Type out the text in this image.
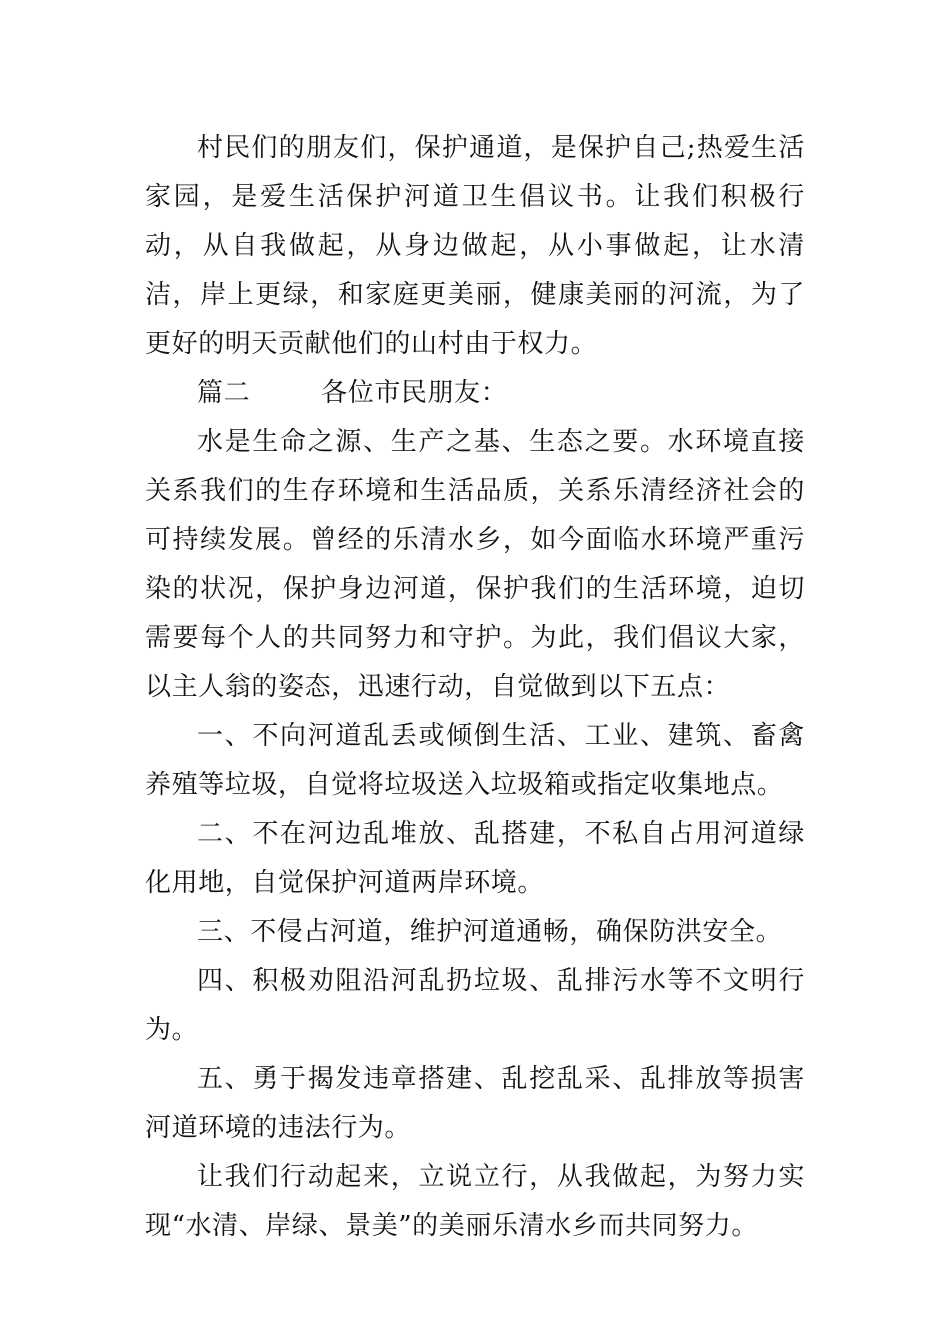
村民们的朋友们，保护通道，是保护自己;热爱生活家园，是爱生活保护河道卫生倡议书。让我们积极行动，从自我做起，从身边做起，从小事做起，让水清洁，岸上更绿，和家庭更美丽，健康美丽的河流，为了更好的明天贡献他们的山村由于权力。

篇二	各位市民朋友：

水是生命之源、生产之基、生态之要。水环境直接关系我们的生存环境和生活品质，关系乐清经济社会的可持续发展。曾经的乐清水乡，如今面临水环境严重污染的状况，保护身边河道，保护我们的生活环境，迫切需要每个人的共同努力和守护。为此，我们倡议大家，以主人翁的姿态，迅速行动，自觉做到以下五点：

一、不向河道乱丢或倾倒生活、工业、建筑、畜禽养殖等垃圾，自觉将垃圾送入垃圾箱或指定收集地点。

二、不在河边乱堆放、乱搭建，不私自占用河道绿化用地，自觉保护河道两岸环境。

三、不侵占河道，维护河道通畅，确保防洪安全。

四、积极劝阻沿河乱扔垃圾、乱排污水等不文明行为。

五、勇于揭发违章搭建、乱挖乱采、乱排放等损害河道环境的违法行为。

让我们行动起来，立说立行，从我做起，为努力实现“水清、岸绿、景美”的美丽乐清水乡而共同努力。
